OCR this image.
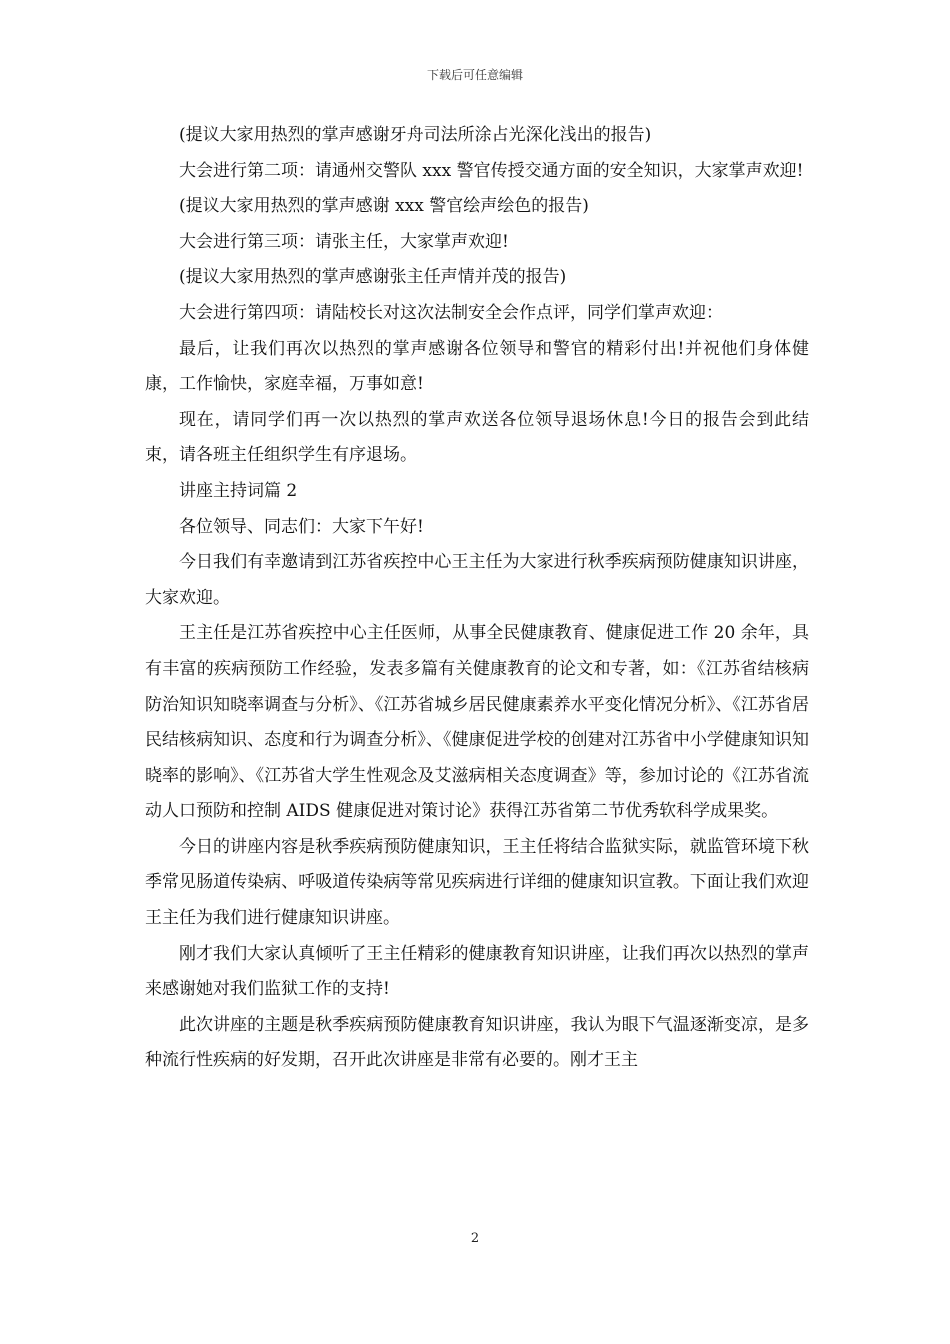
下载后可任意编辑

(提议大家用热烈的掌声感谢牙舟司法所涂占光深化浅出的报告)

大会进行第二项：请通州交警队 xxx 警官传授交通方面的安全知识，大家掌声欢迎!

(提议大家用热烈的掌声感谢 xxx 警官绘声绘色的报告)

大会进行第三项：请张主任，大家掌声欢迎!

(提议大家用热烈的掌声感谢张主任声情并茂的报告)

大会进行第四项：请陆校长对这次法制安全会作点评，同学们掌声欢迎：

最后，让我们再次以热烈的掌声感谢各位领导和警官的精彩付出!并祝他们身体健康，工作愉快，家庭幸福，万事如意!

现在，请同学们再一次以热烈的掌声欢送各位领导退场休息!今日的报告会到此结束，请各班主任组织学生有序退场。

讲座主持词篇 2

各位领导、同志们：大家下午好!

今日我们有幸邀请到江苏省疾控中心王主任为大家进行秋季疾病预防健康知识讲座，大家欢迎。

王主任是江苏省疾控中心主任医师，从事全民健康教育、健康促进工作 20 余年，具有丰富的疾病预防工作经验，发表多篇有关健康教育的论文和专著，如：《江苏省结核病防治知识知晓率调查与分析》、《江苏省城乡居民健康素养水平变化情况分析》、《江苏省居民结核病知识、态度和行为调查分析》、《健康促进学校的创建对江苏省中小学健康知识知晓率的影响》、《江苏省大学生性观念及艾滋病相关态度调查》等，参加讨论的《江苏省流动人口预防和控制 AIDS 健康促进对策讨论》获得江苏省第二节优秀软科学成果奖。

今日的讲座内容是秋季疾病预防健康知识，王主任将结合监狱实际，就监管环境下秋季常见肠道传染病、呼吸道传染病等常见疾病进行详细的健康知识宣教。下面让我们欢迎王主任为我们进行健康知识讲座。

刚才我们大家认真倾听了王主任精彩的健康教育知识讲座，让我们再次以热烈的掌声来感谢她对我们监狱工作的支持!

此次讲座的主题是秋季疾病预防健康教育知识讲座，我认为眼下气温逐渐变凉，是多种流行性疾病的好发期，召开此次讲座是非常有必要的。刚才王主

2
